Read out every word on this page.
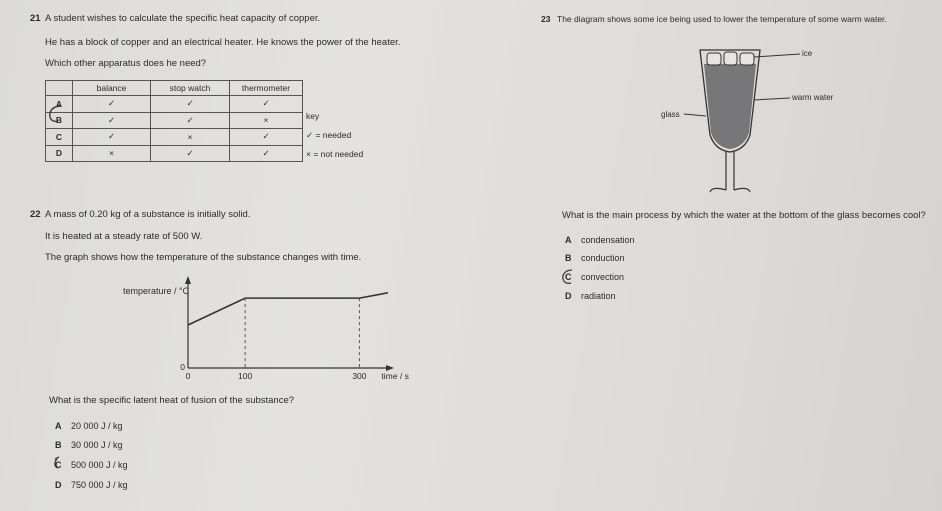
21 A student wishes to calculate the specific heat capacity of copper.
He has a block of copper and an electrical heater. He knows the power of the heater.
Which other apparatus does he need?
	balance	stop watch	thermometer
A	✓	✓	✓
B	✓	✓	×
C	✓	×	✓
D	×	✓	✓
key
✓ = needed
× = not needed
22 A mass of 0.20 kg of a substance is initially solid.
It is heated at a steady rate of 500 W.
The graph shows how the temperature of the substance changes with time.
temperature / °C
100	300
0
0
time / s
What is the specific latent heat of fusion of the substance?
A 20 000 J / kg
B 30 000 J / kg
C 500 000 J / kg
D 750 000 J / kg
23 The diagram shows some ice being used to lower the temperature of some warm water.
ice
warm water
glass
What is the main process by which the water at the bottom of the glass becomes cool?
A condensation
B conduction
C convection
D radiation
